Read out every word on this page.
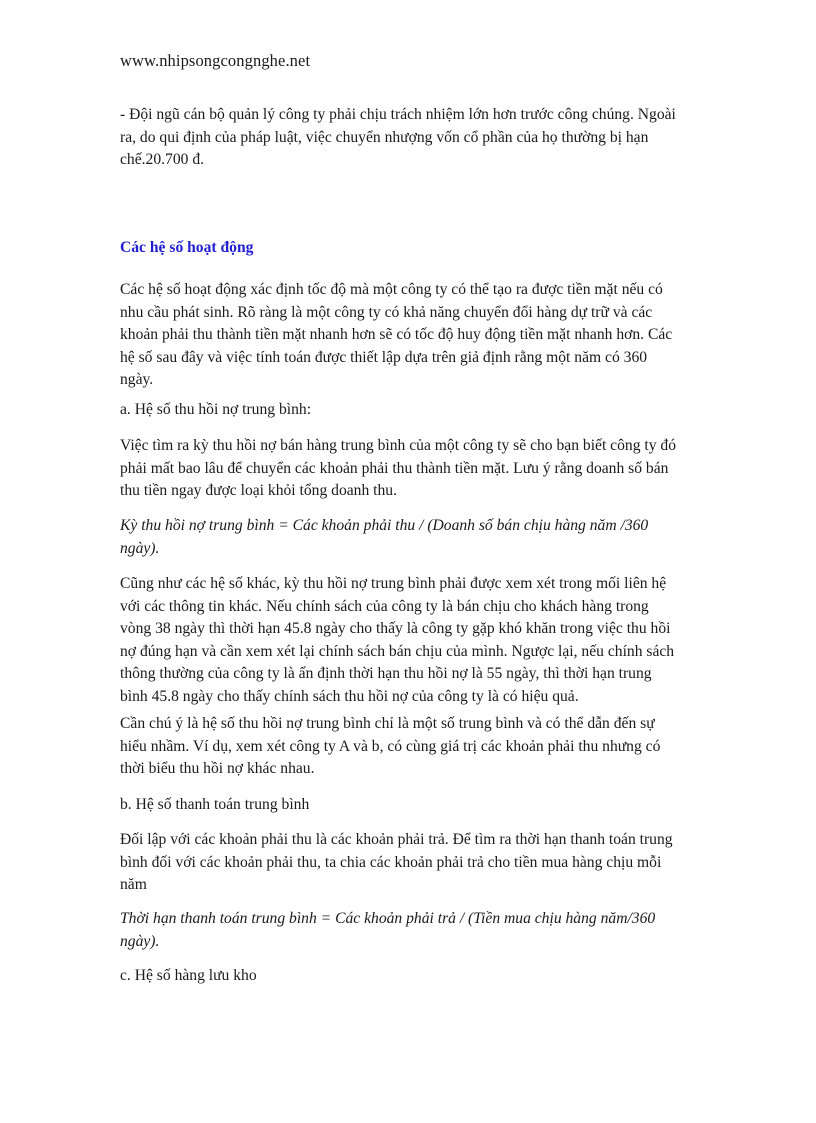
www.nhipsongcongnghe.net
- Đội ngũ cán bộ quản lý công ty phải chịu trách nhiệm lớn hơn trước công chúng. Ngoài
ra, do qui định của pháp luật, việc chuyển nhượng vốn cổ phần của họ thường bị hạn
chế.20.700 đ.
Các hệ số hoạt động
Các hệ số hoạt động xác định tốc độ mà một công ty có thể tạo ra được tiền mặt nếu có
nhu cầu phát sinh. Rõ ràng là một công ty có khả năng chuyển đổi hàng dự trữ và các
khoản phải thu thành tiền mặt nhanh hơn sẽ có tốc độ huy động tiền mặt nhanh hơn. Các
hệ số sau đây và việc tính toán được thiết lập dựa trên giả định rằng một năm có 360
ngày.
a. Hệ số thu hồi nợ trung bình:
Việc tìm ra kỳ thu hồi nợ bán hàng trung bình của một công ty sẽ cho bạn biết công ty đó
phải mất bao lâu để chuyển các khoản phải thu thành tiền mặt. Lưu ý rằng doanh số bán
thu tiền ngay được loại khỏi tổng doanh thu.
Kỳ thu hồi nợ trung bình = Các khoản phải thu / (Doanh số bán chịu hàng năm /360
ngày).
Cũng như các hệ số khác, kỳ thu hồi nợ trung bình phải được xem xét trong mối liên hệ
với các thông tin khác. Nếu chính sách của công ty là bán chịu cho khách hàng trong
vòng 38 ngày thì thời hạn 45.8 ngày cho thấy là công ty gặp khó khăn trong việc thu hồi
nợ đúng hạn và cần xem xét lại chính sách bán chịu của mình. Ngược lại, nếu chính sách
thông thường của công ty là ấn định thời hạn thu hồi nợ là 55 ngày, thì thời hạn trung
bình 45.8 ngày cho thấy chính sách thu hồi nợ của công ty là có hiệu quả.
Cần chú ý là hệ số thu hồi nợ trung bình chỉ là một số trung bình và có thể dẫn đến sự
hiểu nhầm. Ví dụ, xem xét công ty A và b, có cùng giá trị các khoản phải thu nhưng có
thời biểu thu hồi nợ khác nhau.
b. Hệ số thanh toán trung bình
Đối lập với các khoản phải thu là các khoản phải trả. Để tìm ra thời hạn thanh toán trung
bình đối với các khoản phải thu, ta chia các khoản phải trả cho tiền mua hàng chịu mỗi
năm
Thời hạn thanh toán trung bình = Các khoản phải trả / (Tiền mua chịu hàng năm/360
ngày).
c. Hệ số hàng lưu kho
